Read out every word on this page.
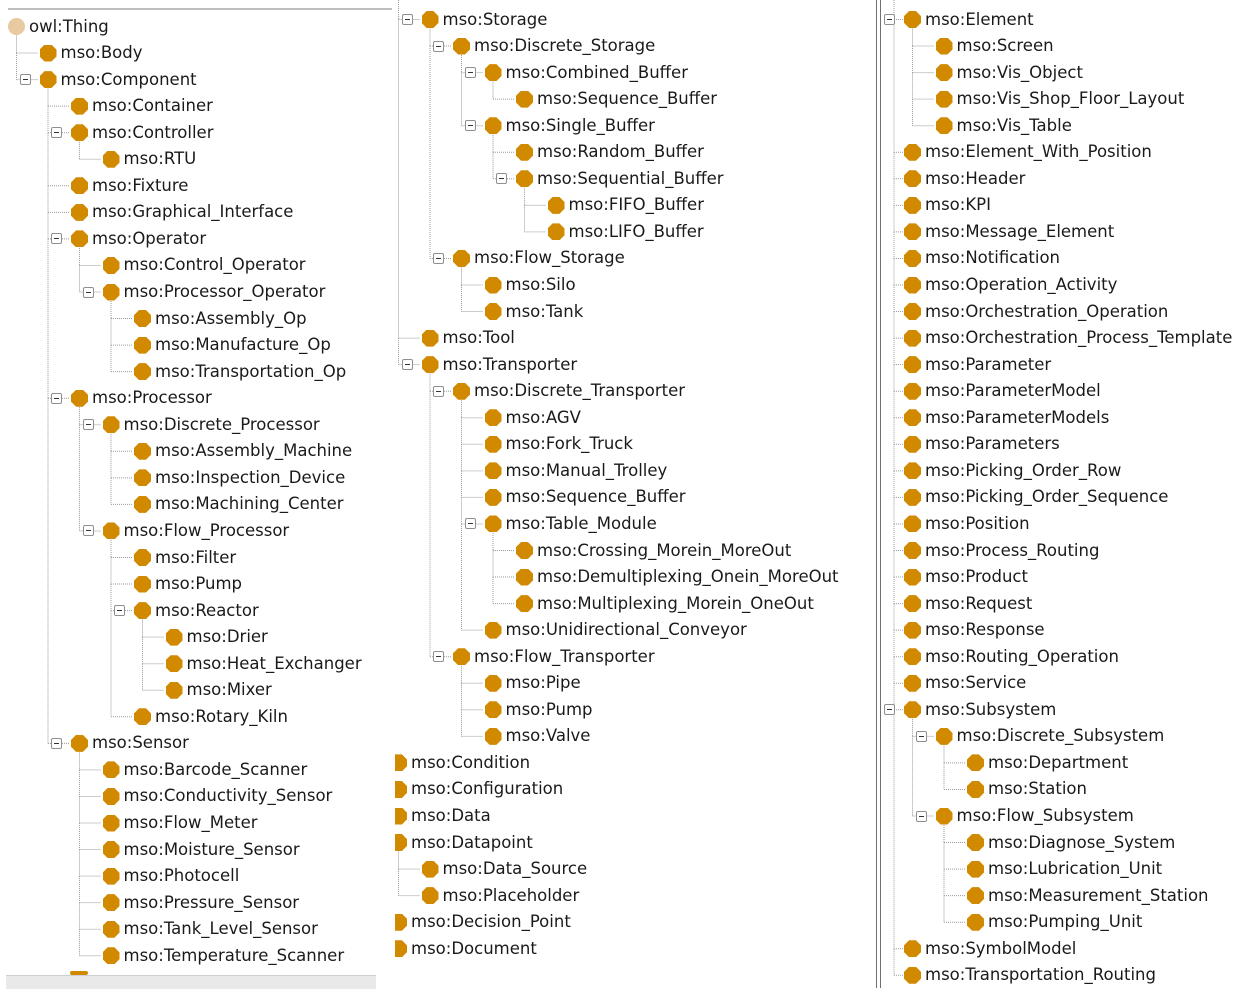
owl:Thing
mso:Body
mso:Component
mso:Container
mso:Controller
mso:RTU
mso:Fixture
mso:Graphical_Interface
mso:Operator
mso:Control_Operator
mso:Processor_Operator
mso:Assembly_Op
mso:Manufacture_Op
mso:Transportation_Op
mso:Processor
mso:Discrete_Processor
mso:Assembly_Machine
mso:Inspection_Device
mso:Machining_Center
mso:Flow_Processor
mso:Filter
mso:Pump
mso:Reactor
mso:Drier
mso:Heat_Exchanger
mso:Mixer
mso:Rotary_Kiln
mso:Sensor
mso:Barcode_Scanner
mso:Conductivity_Sensor
mso:Flow_Meter
mso:Moisture_Sensor
mso:Photocell
mso:Pressure_Sensor
mso:Tank_Level_Sensor
mso:Temperature_Scanner
mso:Storage
mso:Discrete_Storage
mso:Combined_Buffer
mso:Sequence_Buffer
mso:Single_Buffer
mso:Random_Buffer
mso:Sequential_Buffer
mso:FIFO_Buffer
mso:LIFO_Buffer
mso:Flow_Storage
mso:Silo
mso:Tank
mso:Tool
mso:Transporter
mso:Discrete_Transporter
mso:AGV
mso:Fork_Truck
mso:Manual_Trolley
mso:Sequence_Buffer
mso:Table_Module
mso:Crossing_Morein_MoreOut
mso:Demultiplexing_Onein_MoreOut
mso:Multiplexing_Morein_OneOut
mso:Unidirectional_Conveyor
mso:Flow_Transporter
mso:Pipe
mso:Pump
mso:Valve
mso:Condition
mso:Configuration
mso:Data
mso:Datapoint
mso:Data_Source
mso:Placeholder
mso:Decision_Point
mso:Document
mso:Element
mso:Screen
mso:Vis_Object
mso:Vis_Shop_Floor_Layout
mso:Vis_Table
mso:Element_With_Position
mso:Header
mso:KPI
mso:Message_Element
mso:Notification
mso:Operation_Activity
mso:Orchestration_Operation
mso:Orchestration_Process_Template
mso:Parameter
mso:ParameterModel
mso:ParameterModels
mso:Parameters
mso:Picking_Order_Row
mso:Picking_Order_Sequence
mso:Position
mso:Process_Routing
mso:Product
mso:Request
mso:Response
mso:Routing_Operation
mso:Service
mso:Subsystem
mso:Discrete_Subsystem
mso:Department
mso:Station
mso:Flow_Subsystem
mso:Diagnose_System
mso:Lubrication_Unit
mso:Measurement_Station
mso:Pumping_Unit
mso:SymbolModel
mso:Transportation_Routing
